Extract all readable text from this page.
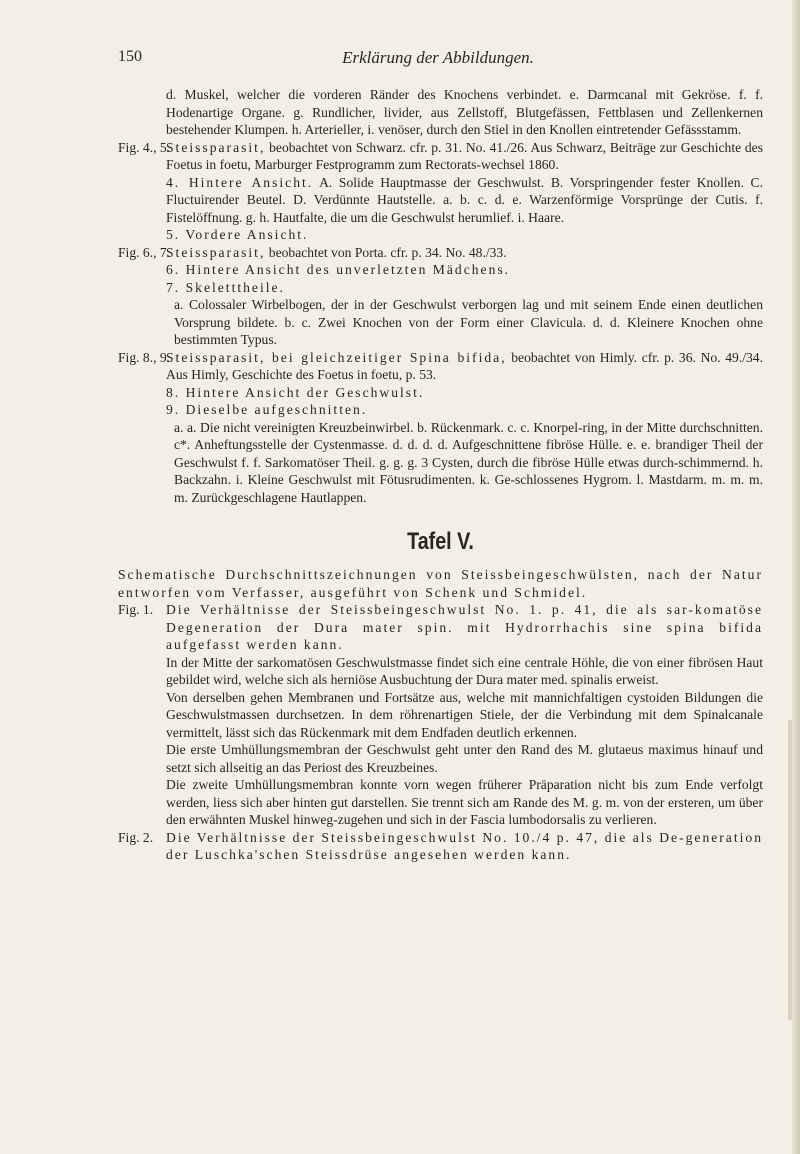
150	Erklärung der Abbildungen.

d. Muskel, welcher die vorderen Ränder des Knochens verbindet. e. Darmcanal mit Gekröse. f. f. Hodenartige Organe. g. Rundlicher, livider, aus Zellstoff, Blutgefässen, Fettblasen und Zellenkernen bestehender Klumpen. h. Arterieller, i. venöser, durch den Stiel in den Knollen eintretender Gefässstamm.

Fig. 4., 5.
Steissparasit, beobachtet von Schwarz. cfr. p. 31. No. 41./26. Aus Schwarz, Beiträge zur Geschichte des Foetus in foetu, Marburger Festprogramm zum Rectorats-wechsel 1860.
4. Hintere Ansicht. A. Solide Hauptmasse der Geschwulst. B. Vorspringender fester Knollen. C. Fluctuirender Beutel. D. Verdünnte Hautstelle. a. b. c. d. e. Warzenförmige Vorsprünge der Cutis. f. Fistelöffnung. g. h. Hautfalte, die um die Geschwulst herumlief. i. Haare.

5. Vordere Ansicht.

Fig. 6., 7.
Steissparasit, beobachtet von Porta. cfr. p. 34. No. 48./33.

6. Hintere Ansicht des unverletzten Mädchens.

7. Skeletttheile.

a. Colossaler Wirbelbogen, der in der Geschwulst verborgen lag und mit seinem Ende einen deutlichen Vorsprung bildete. b. c. Zwei Knochen von der Form einer Clavicula. d. d. Kleinere Knochen ohne bestimmten Typus.

Fig. 8., 9.
Steissparasit, bei gleichzeitiger Spina bifida, beobachtet von Himly. cfr. p. 36. No. 49./34. Aus Himly, Geschichte des Foetus in foetu, p. 53.

8. Hintere Ansicht der Geschwulst.

9. Dieselbe aufgeschnitten.

a. a. Die nicht vereinigten Kreuzbeinwirbel. b. Rückenmark. c. c. Knorpel-ring, in der Mitte durchschnitten. c*. Anheftungsstelle der Cystenmasse. d. d. d. d. Aufgeschnittene fibröse Hülle. e. e. brandiger Theil der Geschwulst f. f. Sarkomatöser Theil. g. g. g. 3 Cysten, durch die fibröse Hülle etwas durch-schimmernd. h. Backzahn. i. Kleine Geschwulst mit Fötusrudimenten. k. Ge-schlossenes Hygrom. l. Mastdarm. m. m. m. m. Zurückgeschlagene Hautlappen.

Tafel V.

Schematische Durchschnittszeichnungen von Steissbeingeschwülsten, nach der Natur entworfen vom Verfasser, ausgeführt von Schenk und Schmidel.

Fig. 1. Die Verhältnisse der Steissbeingeschwulst No. 1. p. 41, die als sar-komatöse Degeneration der Dura mater spin. mit Hydrorrhachis sine spina bifida aufgefasst werden kann.

In der Mitte der sarkomatösen Geschwulstmasse findet sich eine centrale Höhle, die von einer fibrösen Haut gebildet wird, welche sich als herniöse Ausbuchtung der Dura mater med. spinalis erweist.

Von derselben gehen Membranen und Fortsätze aus, welche mit mannichfaltigen cystoiden Bildungen die Geschwulstmassen durchsetzen. In dem röhrenartigen Stiele, der die Verbindung mit dem Spinalcanale vermittelt, lässt sich das Rückenmark mit dem Endfaden deutlich erkennen.

Die erste Umhüllungsmembran der Geschwulst geht unter den Rand des M. glutaeus maximus hinauf und setzt sich allseitig an das Periost des Kreuzbeines.

Die zweite Umhüllungsmembran konnte vorn wegen früherer Präparation nicht bis zum Ende verfolgt werden, liess sich aber hinten gut darstellen. Sie trennt sich am Rande des M. g. m. von der ersteren, um über den erwähnten Muskel hinweg-zugehen und sich in der Fascia lumbodorsalis zu verlieren.

Fig. 2. Die Verhältnisse der Steissbeingeschwulst No. 10./4 p. 47, die als De-generation der Luschka'schen Steissdrüse angesehen werden kann.
